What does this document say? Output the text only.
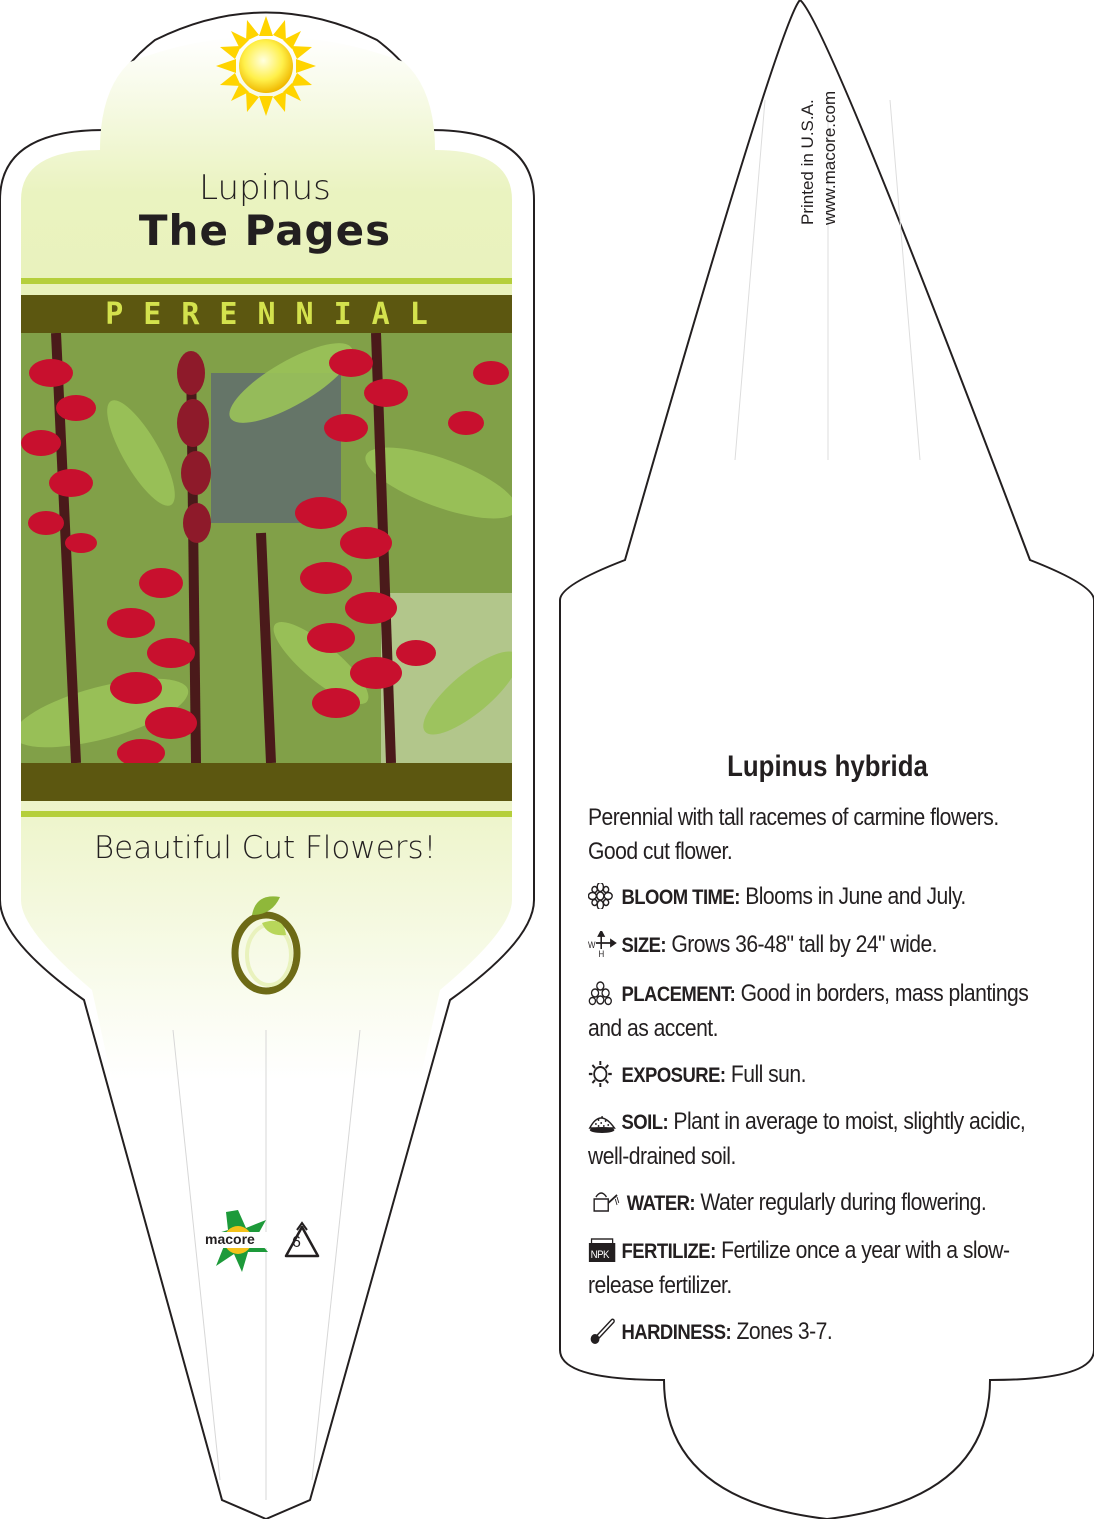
Lupinus
The Pages
PERENNIAL
Beautiful Cut Flowers!
macore 6
Printed in U.S.A. www.macore.com
Lupinus hybrida
Perennial with tall racemes of carmine flowers. Good cut flower.
BLOOM TIME: Blooms in June and July.
W
H SIZE: Grows 36-48" tall by 24" wide.
PLACEMENT: Good in borders, mass plantings and as accent.
EXPOSURE: Full sun.
SOIL: Plant in average to moist, slightly acidic, well-drained soil.
WATER: Water regularly during flowering.
NPK FERTILIZE: Fertilize once a year with a slow-release fertilizer.
HARDINESS: Zones 3-7.
